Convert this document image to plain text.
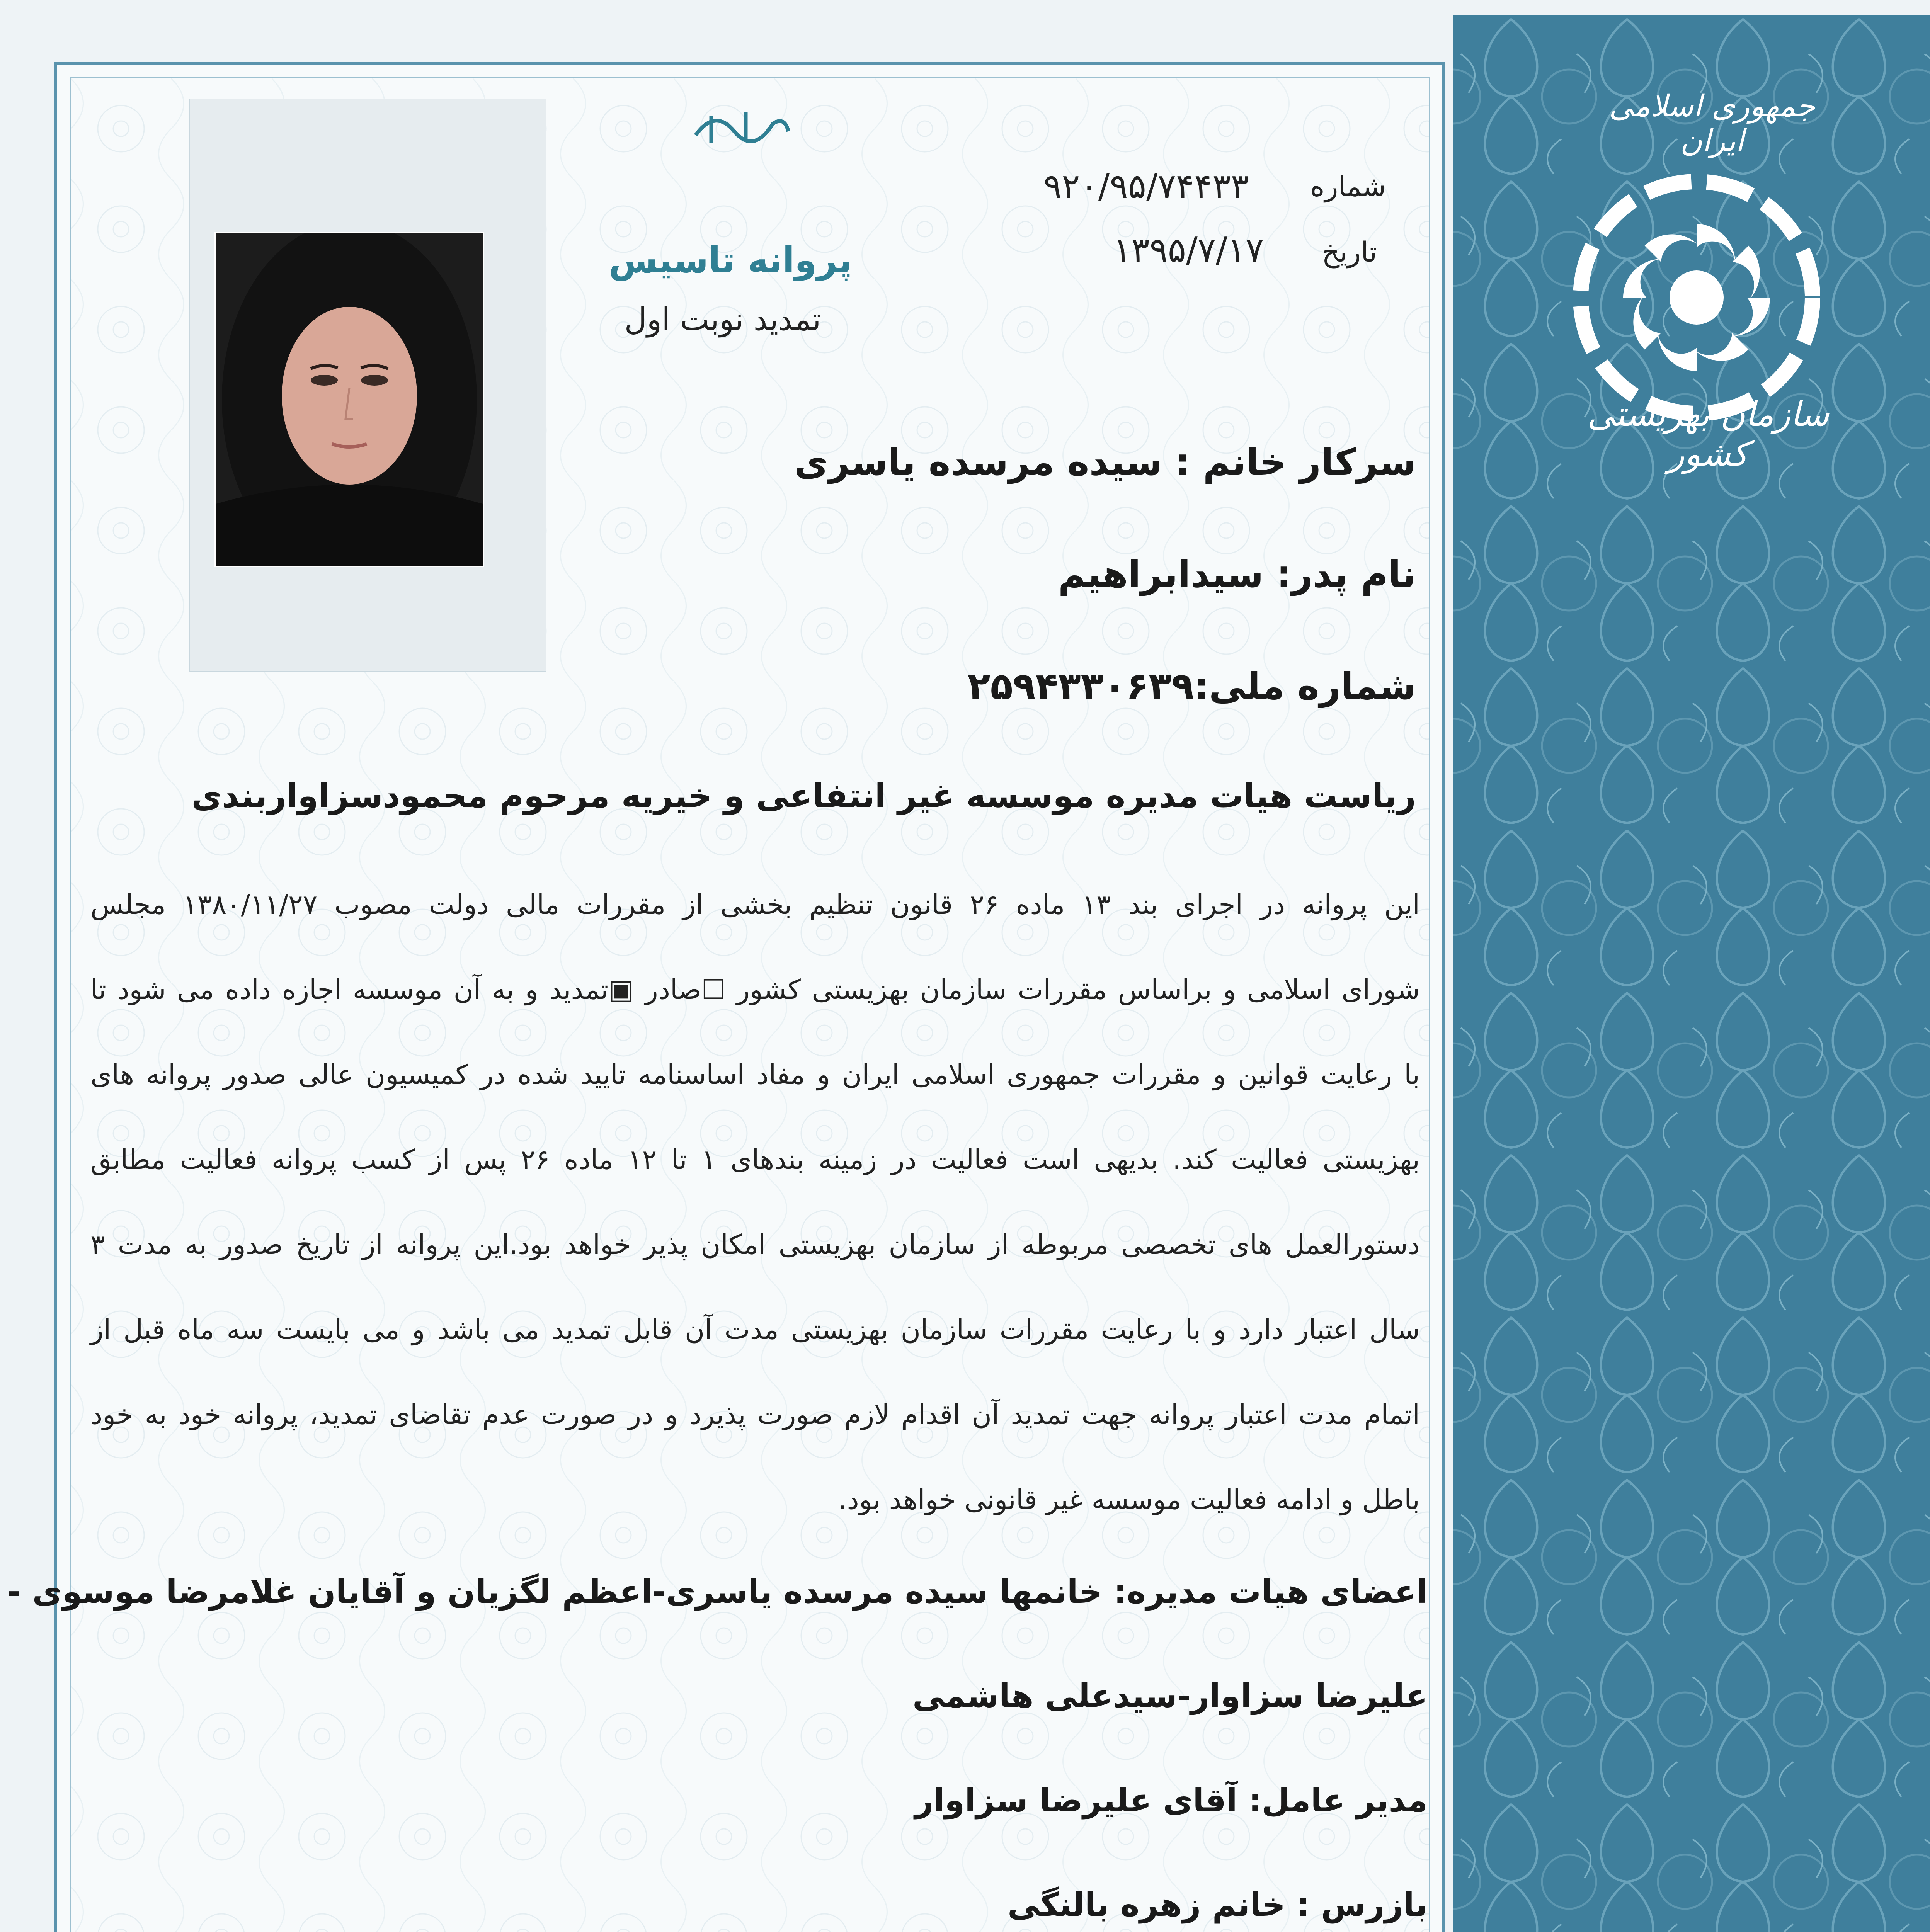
بسمه تعالی
شماره
۹۲۰/۹۵/۷۴۴۳۳
تاریخ
۱۳۹۵/۷/۱۷
پروانه تاسیس
تمدید نوبت اول
سرکار خانم : سیده مرسده یاسری
نام پدر: سیدابراهیم
شماره ملی:۲۵۹۴۳۳۰۶۳۹
ریاست هیات مدیره موسسه غیر انتفاعی و خیریه مرحوم محمودسزاواربندی
این پروانه در اجرای بند ۱۳ ماده ۲۶ قانون تنظیم بخشی از مقررات مالی دولت مصوب ۱۳۸۰/۱۱/۲۷ مجلس
شورای اسلامی و براساس مقررات سازمان بهزیستی کشور ☐صادر ▣تمدید و به آن موسسه اجازه داده می شود تا
با رعایت قوانین و مقررات جمهوری اسلامی ایران و مفاد اساسنامه تایید شده در کمیسیون عالی صدور پروانه های
بهزیستی فعالیت کند. بدیهی است فعالیت در زمینه بندهای ۱ تا ۱۲ ماده ۲۶ پس از کسب پروانه فعالیت مطابق
دستورالعمل های تخصصی مربوطه از سازمان بهزیستی امکان پذیر خواهد بود.این پروانه از تاریخ صدور به مدت ۳
سال اعتبار دارد و با رعایت مقررات سازمان بهزیستی مدت آن قابل تمدید می باشد و می بایست سه ماه قبل از
اتمام مدت اعتبار پروانه جهت تمدید آن اقدام لازم صورت پذیرد و در صورت عدم تقاضای تمدید، پروانه خود به خود
باطل و ادامه فعالیت موسسه غیر قانونی خواهد بود.
اعضای هیات مدیره: خانمها سیده مرسده یاسری-اعظم لگزیان و آقایان غلامرضا موسوی -
علیرضا سزاوار-سیدعلی هاشمی
مدیر عامل: آقای علیرضا سزاوار
بازرس : خانم زهره بالنگی
جمهوری اسلامی ایران
سازمان بهزیستی کشور
